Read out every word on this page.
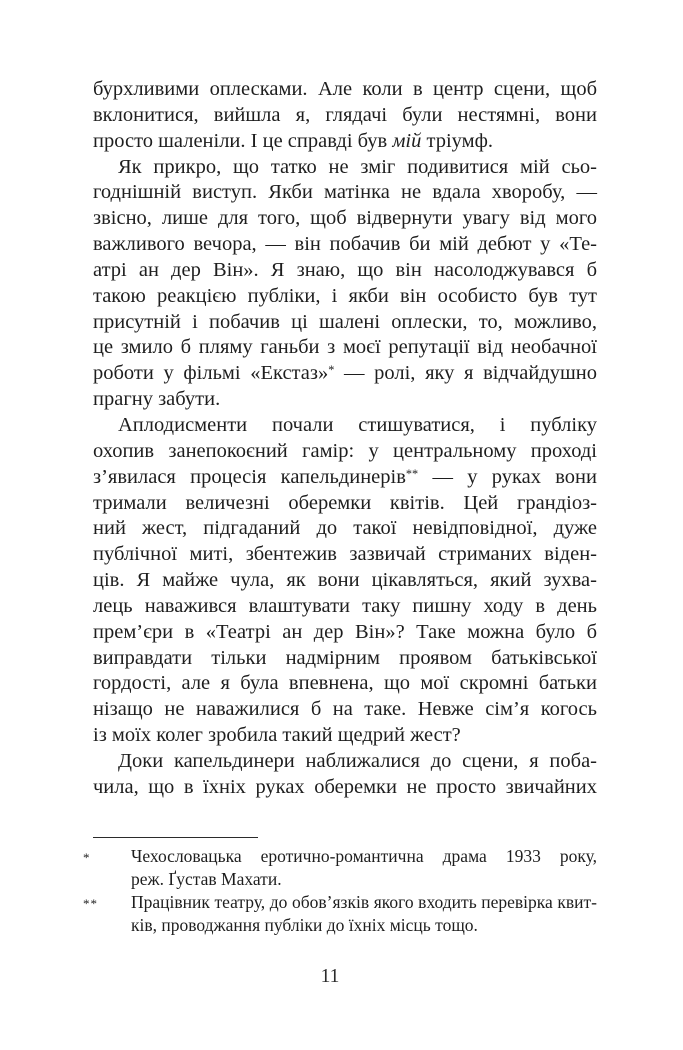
бурхливими оплесками. Але коли в центр сцени, щоб
вклонитися, вийшла я, глядачі були нестямні, вони
просто шаленіли. І це справді був мій тріумф.
Як прикро, що татко не зміг подивитися мій сьо-
годнішній виступ. Якби матінка не вдала хворобу, —
звісно, лише для того, щоб відвернути увагу від мого
важливого вечора, — він побачив би мій дебют у «Те-
атрі ан дер Він». Я знаю, що він насолоджувався б
такою реакцією публіки, і якби він особисто був тут
присутній і побачив ці шалені оплески, то, можливо,
це змило б пляму ганьби з моєї репутації від необачної
роботи у фільмі «Екстаз»* — ролі, яку я відчайдушно
прагну забути.
Аплодисменти почали стишуватися, і публіку
охопив занепокоєний гамір: у центральному проході
з’явилася процесія капельдинерів** — у руках вони
тримали величезні оберемки квітів. Цей грандіоз-
ний жест, підгаданий до такої невідповідної, дуже
публічної миті, збентежив зазвичай стриманих віден-
ців. Я майже чула, як вони цікавляться, який зухва-
лець наважився влаштувати таку пишну ходу в день
прем’єри в «Театрі ан дер Він»? Таке можна було б
виправдати тільки надмірним проявом батьківської
гордості, але я була впевнена, що мої скромні батьки
нізащо не наважилися б на таке. Невже сім’я когось
із моїх колег зробила такий щедрий жест?
Доки капельдинери наближалися до сцени, я поба-
чила, що в їхніх руках оберемки не просто звичайних
* Чехословацька еротично-романтична драма 1933 року,
реж. Ґустав Махати.
** Працівник театру, до обов’язків якого входить перевірка квит-
ків, проводжання публіки до їхніх місць тощо.
11
